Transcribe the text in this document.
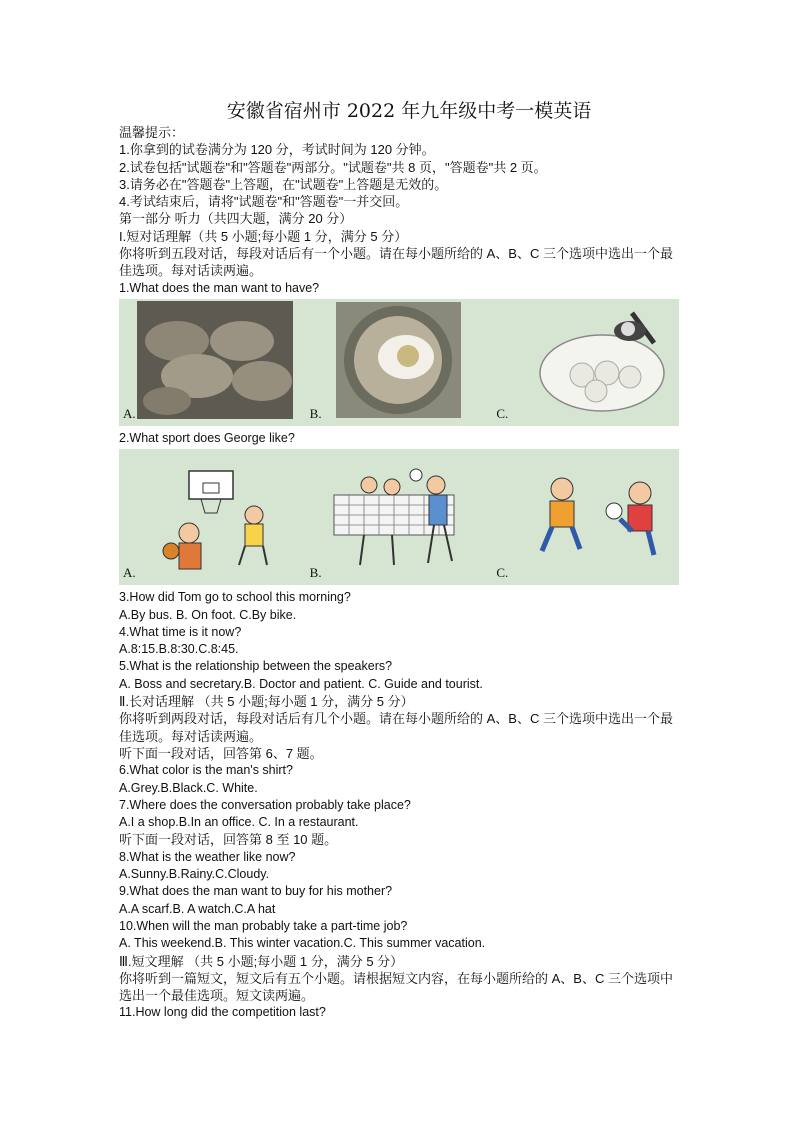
安徽省宿州市 2022 年九年级中考一模英语
温馨提示：
1.你拿到的试卷满分为 120 分，考试时间为 120 分钟。
2.试卷包括"试题卷"和"答题卷"两部分。"试题卷"共 8 页，"答题卷"共 2 页。
3.请务必在"答题卷"上答题，在"试题卷"上答题是无效的。
4.考试结束后，请将"试题卷"和"答题卷"一并交回。
第一部分 听力（共四大题，满分 20 分）
I.短对话理解（共 5 小题;每小题 1 分，满分 5 分）
你将听到五段对话，每段对话后有一个小题。请在每小题所给的 A、B、C 三个选项中选出一个最佳选项。每对话读两遍。
1.What does the man want to have?
A.	B.	C.
2.What sport does George like?
A.	B.	C.
3.How did Tom go to school this morning?
A.By bus. B. On foot. C.By bike.
4.What time is it now?
A.8:15.B.8:30.C.8:45.
5.What is the relationship between the speakers?
A. Boss and secretary.B. Doctor and patient. C. Guide and tourist.
Ⅱ.长对话理解 （共 5 小题;每小题 1 分，满分 5 分）
你将听到两段对话，每段对话后有几个小题。请在每小题所给的 A、B、C 三个选项中选出一个最佳选项。每对话读两遍。
听下面一段对话，回答第 6、7 题。
6.What color is the man's shirt?
A.Grey.B.Black.C. White.
7.Where does the conversation probably take place?
A.I a shop.B.In an office. C. In a restaurant.
听下面一段对话，回答第 8 至 10 题。
8.What is the weather like now?
A.Sunny.B.Rainy.C.Cloudy.
9.What does the man want to buy for his mother?
A.A scarf.B. A watch.C.A hat
10.When will the man probably take a part-time job?
A. This weekend.B. This winter vacation.C. This summer vacation.
Ⅲ.短文理解 （共 5 小题;每小题 1 分，满分 5 分）
你将听到一篇短文，短文后有五个小题。请根据短文内容，在每小题所给的 A、B、C 三个选项中选出一个最佳选项。短文读两遍。
11.How long did the competition last?
